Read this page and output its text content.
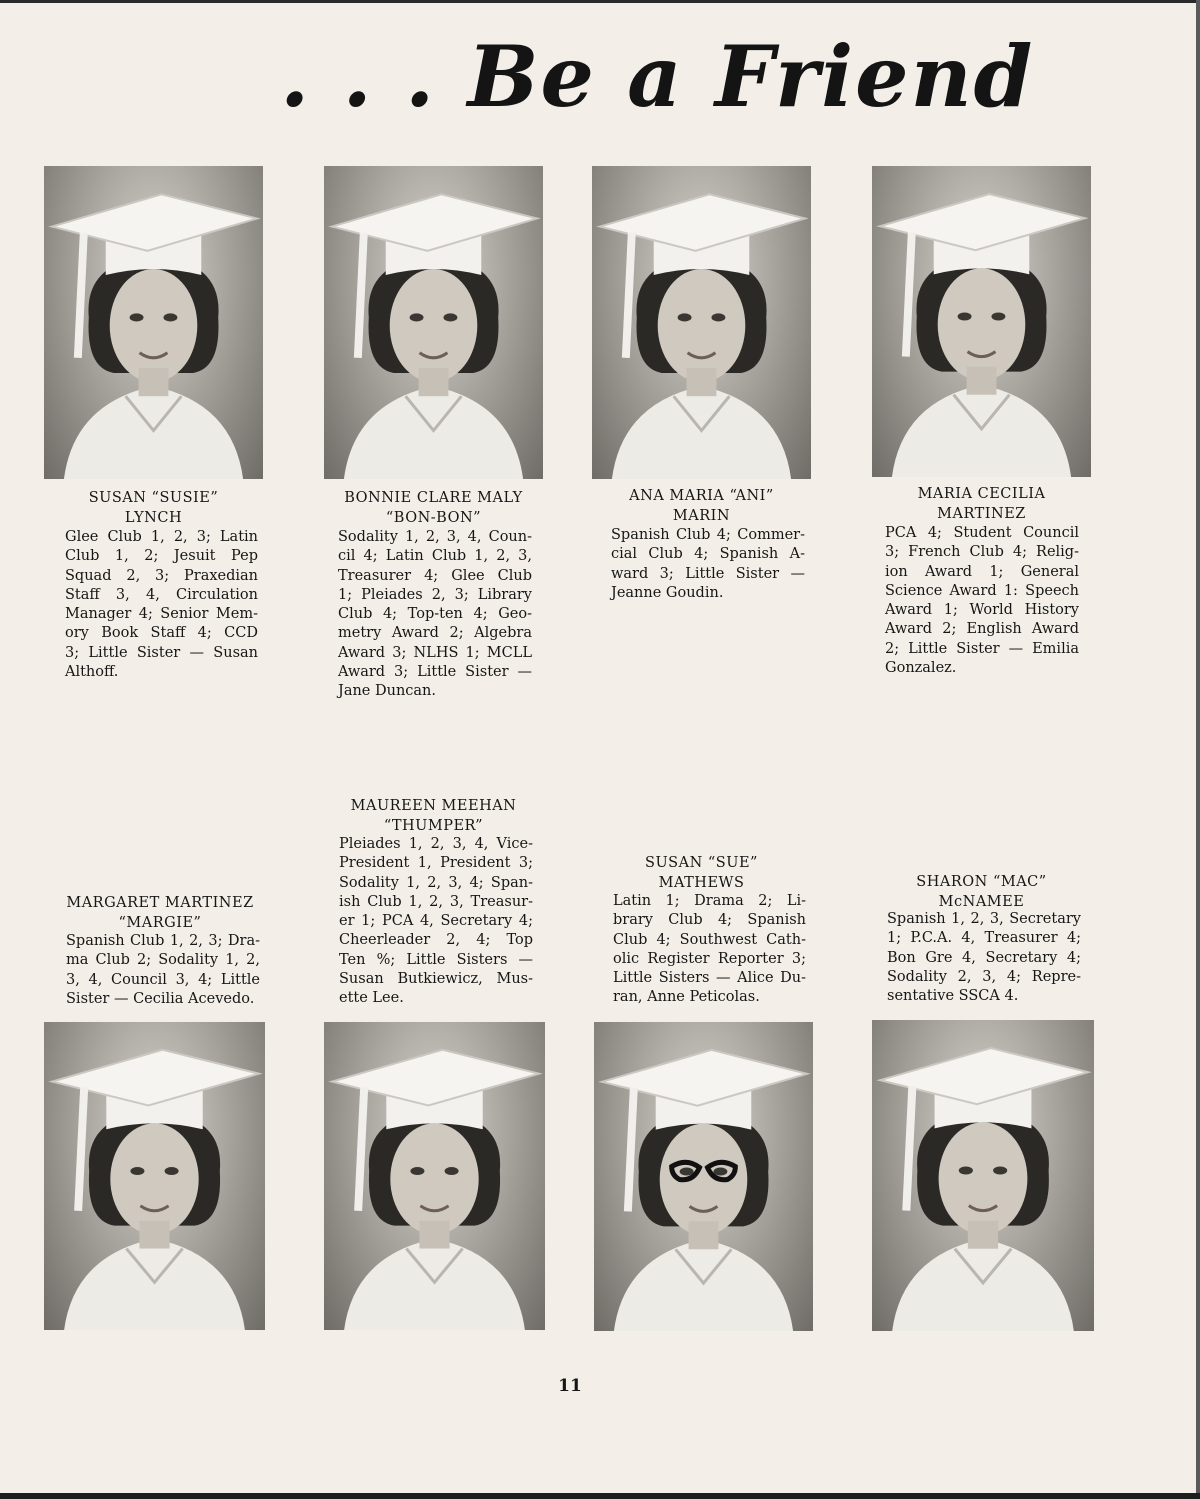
. . . Be a Friend
SUSAN “SUSIE”
LYNCH
Glee Club 1, 2, 3; Latin
Club 1, 2; Jesuit Pep
Squad 2, 3; Praxedian
Staff 3, 4, Circulation
Manager 4; Senior Mem-
ory Book Staff 4; CCD
3; Little Sister — Susan
Althoff.
BONNIE CLARE MALY
“BON-BON”
Sodality 1, 2, 3, 4, Coun-
cil 4; Latin Club 1, 2, 3,
Treasurer 4; Glee Club
1; Pleiades 2, 3; Library
Club 4; Top-ten 4; Geo-
metry Award 2; Algebra
Award 3; NLHS 1; MCLL
Award 3; Little Sister —
Jane Duncan.
ANA MARIA “ANI”
MARIN
Spanish Club 4; Commer-
cial Club 4; Spanish A-
ward 3; Little Sister —
Jeanne Goudin.
MARIA CECILIA
MARTINEZ
PCA 4; Student Council
3; French Club 4; Relig-
ion Award 1; General
Science Award 1: Speech
Award 1; World History
Award 2; English Award
2; Little Sister — Emilia
Gonzalez.
MARGARET MARTINEZ
“MARGIE”
Spanish Club 1, 2, 3; Dra-
ma Club 2; Sodality 1, 2,
3, 4, Council 3, 4; Little
Sister — Cecilia Acevedo.
MAUREEN MEEHAN
“THUMPER”
Pleiades 1, 2, 3, 4, Vice-
President 1, President 3;
Sodality 1, 2, 3, 4; Span-
ish Club 1, 2, 3, Treasur-
er 1; PCA 4, Secretary 4;
Cheerleader 2, 4; Top
Ten %; Little Sisters —
Susan Butkiewicz, Mus-
ette Lee.
SUSAN “SUE”
MATHEWS
Latin 1; Drama 2; Li-
brary Club 4; Spanish
Club 4; Southwest Cath-
olic Register Reporter 3;
Little Sisters — Alice Du-
ran, Anne Peticolas.
SHARON “MAC”
McNAMEE
Spanish 1, 2, 3, Secretary
1; P.C.A. 4, Treasurer 4;
Bon Gre 4, Secretary 4;
Sodality 2, 3, 4; Repre-
sentative SSCA 4.
11
